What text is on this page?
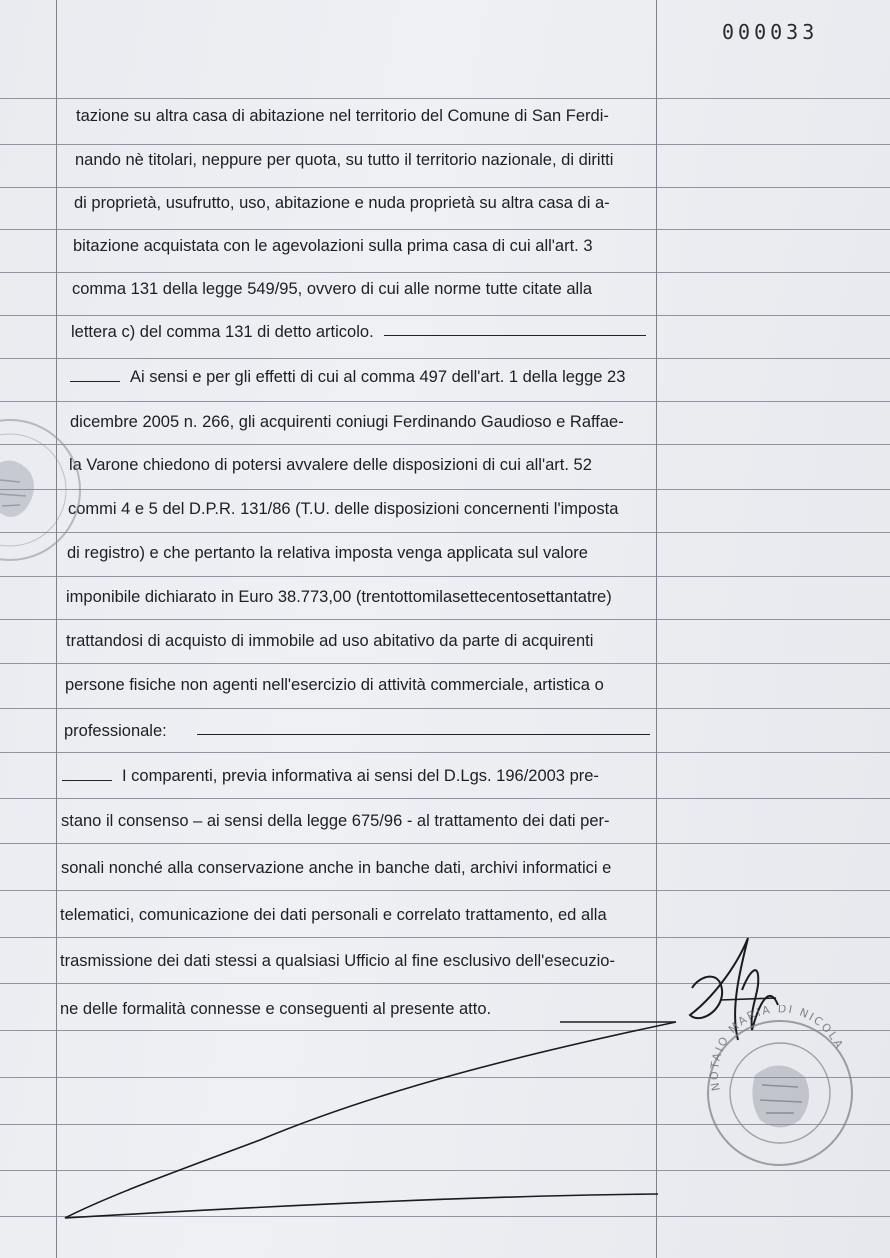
000033
tazione su altra casa di abitazione nel territorio del Comune di San Ferdi-
nando nè titolari, neppure per quota, su tutto il territorio nazionale, di diritti
di proprietà, usufrutto, uso, abitazione e nuda proprietà su altra casa di a-
bitazione acquistata con le agevolazioni sulla prima casa di cui all'art. 3
comma 131 della legge 549/95, ovvero di cui alle norme tutte citate alla
lettera c) del comma 131 di detto articolo.
Ai sensi e per gli effetti di cui al comma 497 dell'art. 1 della legge 23
dicembre 2005 n. 266, gli acquirenti coniugi Ferdinando Gaudioso e Raffae-
la Varone chiedono di potersi avvalere delle disposizioni di cui all'art. 52
commi 4 e 5 del D.P.R. 131/86 (T.U. delle disposizioni concernenti l'imposta
di registro) e che pertanto la relativa imposta venga applicata sul valore
imponibile dichiarato in Euro 38.773,00 (trentottomilasettecentosettantatre)
trattandosi di acquisto di immobile ad uso abitativo da parte di acquirenti
persone fisiche non agenti nell'esercizio di attività commerciale, artistica o
professionale:
I comparenti, previa informativa ai sensi del D.Lgs. 196/2003 pre-
stano il consenso – ai sensi della legge 675/96 - al trattamento dei dati per-
sonali nonché alla conservazione anche in banche dati, archivi informatici e
telematici, comunicazione dei dati personali e correlato trattamento, ed alla
trasmissione dei dati stessi a qualsiasi Ufficio al fine esclusivo dell'esecuzio-
ne delle formalità connesse e conseguenti al presente atto.
NOTAIO MARIA DI NICOLA
